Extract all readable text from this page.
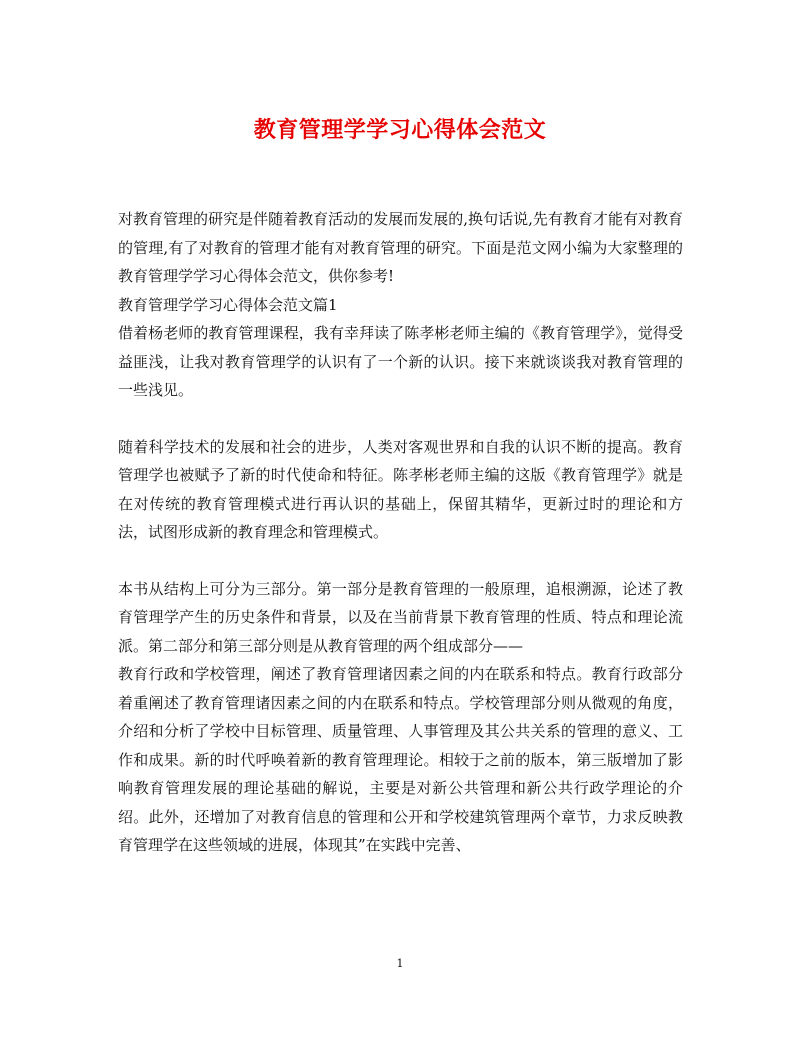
教育管理学学习心得体会范文

对教育管理的研究是伴随着教育活动的发展而发展的,换句话说,先有教育才能有对教育的管理,有了对教育的管理才能有对教育管理的研究。下面是范文网小编为大家整理的教育管理学学习心得体会范文，供你参考!

教育管理学学习心得体会范文篇1

借着杨老师的教育管理课程，我有幸拜读了陈孝彬老师主编的《教育管理学》，觉得受益匪浅，让我对教育管理学的认识有了一个新的认识。接下来就谈谈我对教育管理的一些浅见。

随着科学技术的发展和社会的进步，人类对客观世界和自我的认识不断的提高。教育管理学也被赋予了新的时代使命和特征。陈孝彬老师主编的这版《教育管理学》就是在对传统的教育管理模式进行再认识的基础上，保留其精华，更新过时的理论和方法，试图形成新的教育理念和管理模式。

本书从结构上可分为三部分。第一部分是教育管理的一般原理，追根溯源，论述了教育管理学产生的历史条件和背景，以及在当前背景下教育管理的性质、特点和理论流派。第二部分和第三部分则是从教育管理的两个组成部分——

教育行政和学校管理，阐述了教育管理诸因素之间的内在联系和特点。教育行政部分着重阐述了教育管理诸因素之间的内在联系和特点。学校管理部分则从微观的角度，介绍和分析了学校中目标管理、质量管理、人事管理及其公共关系的管理的意义、工作和成果。新的时代呼唤着新的教育管理理论。相较于之前的版本，第三版增加了影响教育管理发展的理论基础的解说，主要是对新公共管理和新公共行政学理论的介绍。此外，还增加了对教育信息的管理和公开和学校建筑管理两个章节，力求反映教育管理学在这些领域的进展，体现其”在实践中完善、

1
